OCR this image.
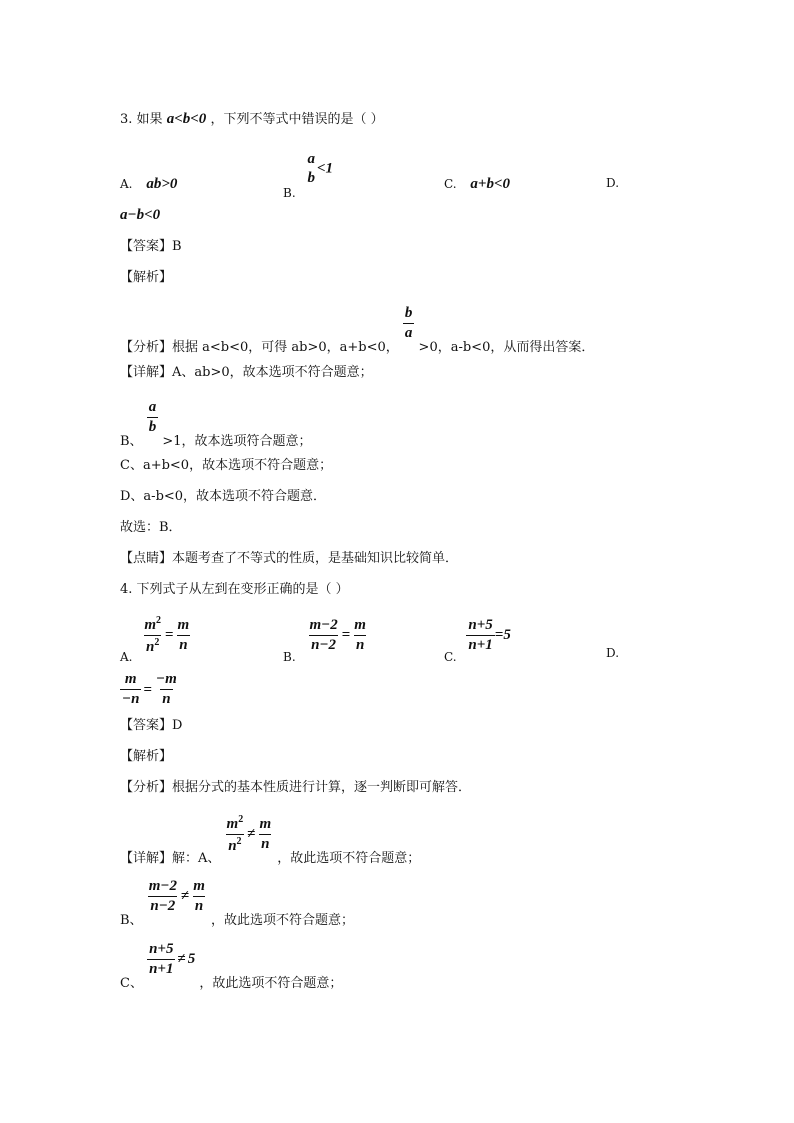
3. 如果 a<b<0 ，下列不等式中错误的是（ ）
A. ab>0
B.
a
b
<1
C. a+b<0	D.
a−b<0
【答案】B
【解析】
【分析】根据 a<b<0，可得 ab>0，a+b<0，
$\frac{b}{a}$
>0，a-b<0，从而得出答案．
【详解】A、ab>0，故本选项不符合题意；
B、
$\frac{a}{b}$
>1，故本选项符合题意；
C、a+b<0，故本选项不符合题意；
D、a-b<0，故本选项不符合题意．
故选：B．
【点睛】本题考查了不等式的性质，是基础知识比较简单．
4. 下列式子从左到在变形正确的是（ ）
A.
$\frac{m^2}{n^2} = \frac{m}{n}$
B.
$\frac{m-2}{n-2} = \frac{m}{n}$
C.
$\frac{n+5}{n+1} =5$
D.
$\frac{m}{-n} = \frac{-m}{n}$
【答案】D
【解析】
【分析】根据分式的基本性质进行计算，逐一判断即可解答．
【详解】解：A、
$\frac{m^2}{n^2} \ne \frac{m}{n}$
，故此选项不符合题意；
B、
$\frac{m-2}{n-2} \ne \frac{m}{n}$
，故此选项不符合题意；
C、
$\frac{n+5}{n+1} \ne 5$ ，故此选项不符合题意；
